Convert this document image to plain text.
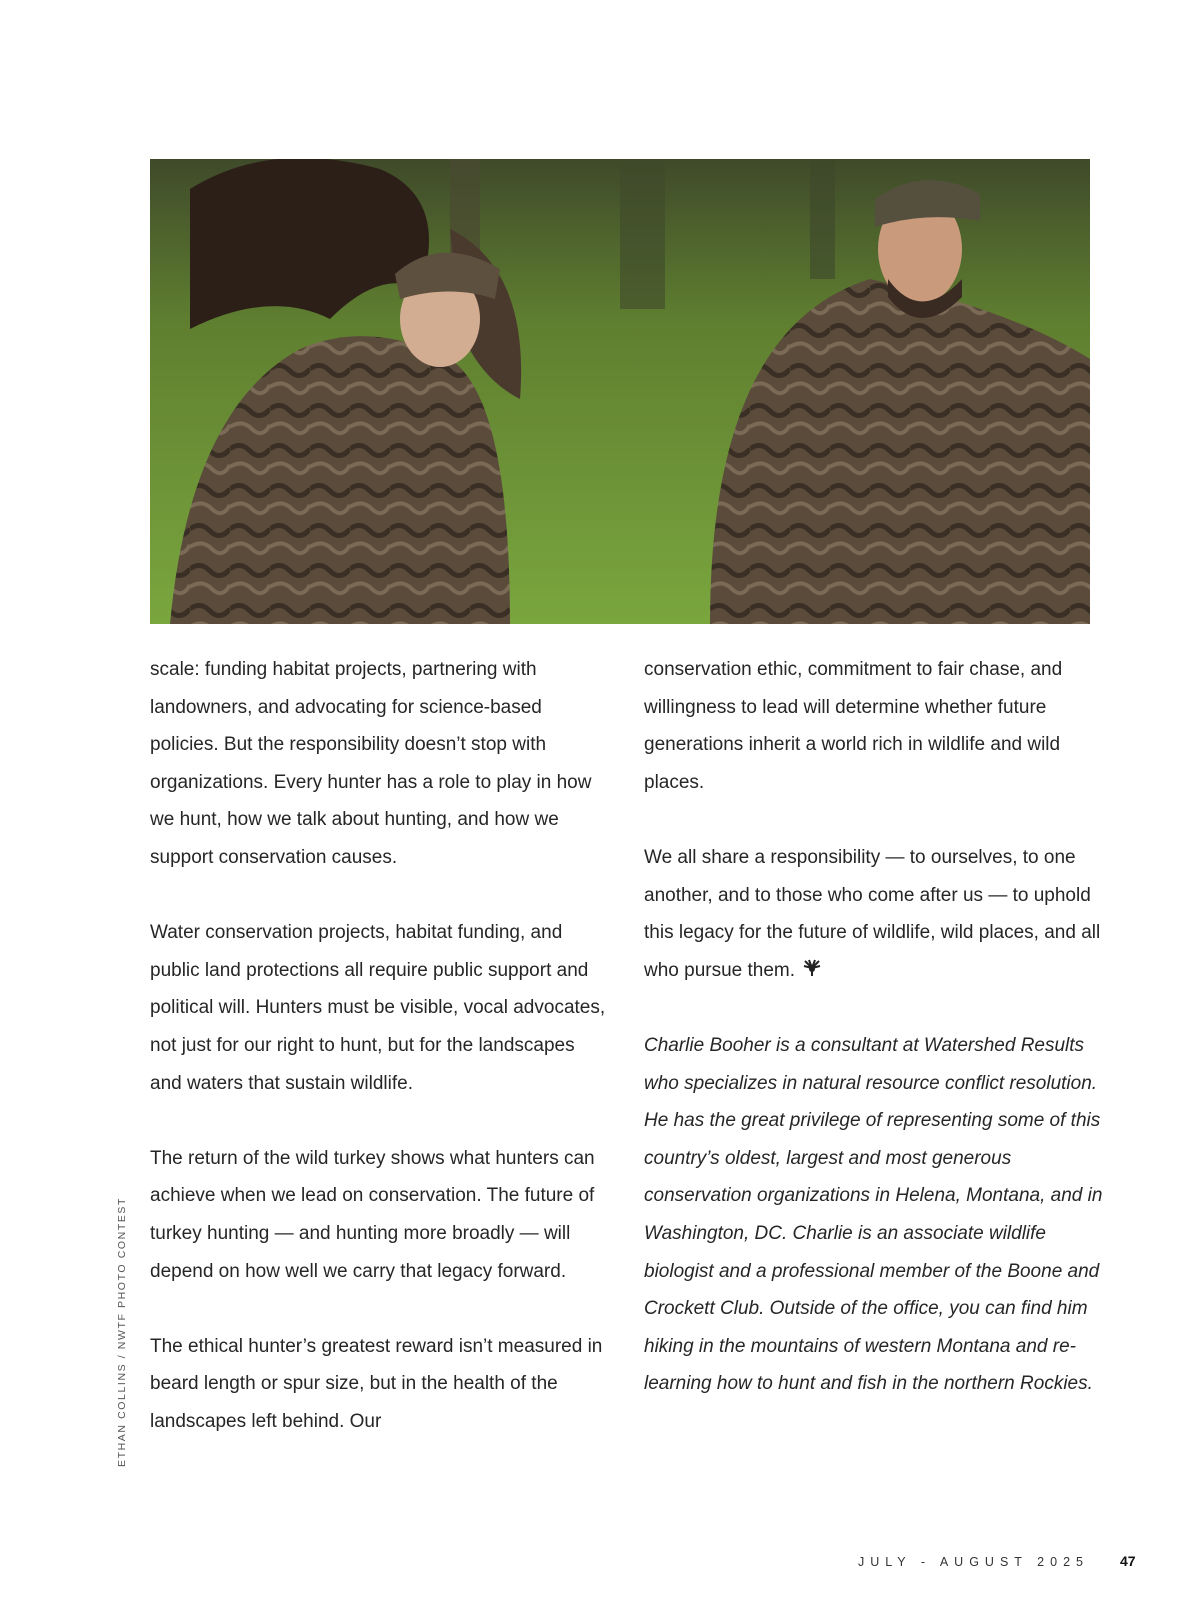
scale: funding habitat projects, partnering with landowners, and advocating for science-based policies. But the responsibility doesn’t stop with organizations. Every hunter has a role to play in how we hunt, how we talk about hunting, and how we support conservation causes.

Water conservation projects, habitat funding, and public land protections all require public support and political will. Hunters must be visible, vocal advocates, not just for our right to hunt, but for the landscapes and waters that sustain wildlife.

The return of the wild turkey shows what hunters can achieve when we lead on conservation. The future of turkey hunting — and hunting more broadly — will depend on how well we carry that legacy forward.

The ethical hunter’s greatest reward isn’t measured in beard length or spur size, but in the health of the landscapes left behind. Our

conservation ethic, commitment to fair chase, and willingness to lead will determine whether future generations inherit a world rich in wildlife and wild places.

We all share a responsibility — to ourselves, to one another, and to those who come after us — to uphold this legacy for the future of wildlife, wild places, and all who pursue them.

Charlie Booher is a consultant at Watershed Results who specializes in natural resource conflict resolution. He has the great privilege of representing some of this country’s oldest, largest and most generous conservation organizations in Helena, Montana, and in Washington, DC. Charlie is an associate wildlife biologist and a professional member of the Boone and Crockett Club. Outside of the office, you can find him hiking in the mountains of western Montana and re-learning how to hunt and fish in the northern Rockies.

ETHAN COLLINS / NWTF PHOTO CONTEST
JULY - AUGUST 2025 47
